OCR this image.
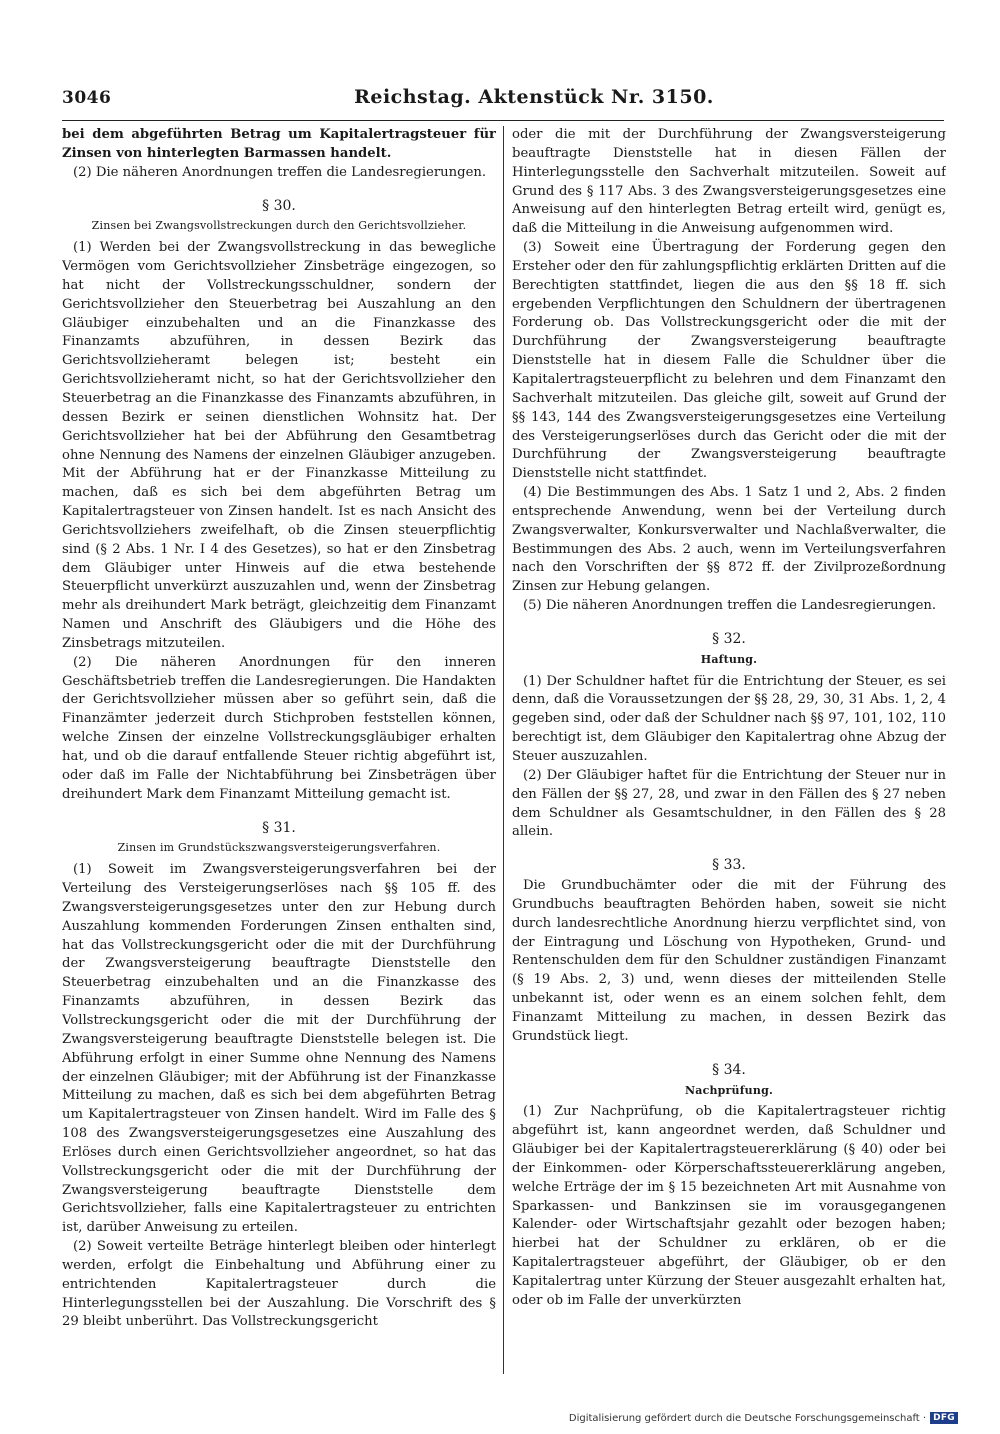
3046	Reichstag. Aktenstück Nr. 3150.

bei dem abgeführten Betrag um Kapitalertragsteuer für Zinsen von hinterlegten Barmassen handelt.

(2) Die näheren Anordnungen treffen die Landesregierungen.

§ 30.

Zinsen bei Zwangsvollstreckungen durch den Gerichtsvollzieher.

(1) Werden bei der Zwangsvollstreckung in das bewegliche Vermögen vom Gerichtsvollzieher Zinsbeträge eingezogen, so hat nicht der Vollstreckungsschuldner, sondern der Gerichtsvollzieher den Steuerbetrag bei Auszahlung an den Gläubiger einzubehalten und an die Finanzkasse des Finanzamts abzuführen, in dessen Bezirk das Gerichtsvollzieheramt belegen ist; besteht ein Gerichtsvollzieheramt nicht, so hat der Gerichtsvollzieher den Steuerbetrag an die Finanzkasse des Finanzamts abzuführen, in dessen Bezirk er seinen dienstlichen Wohnsitz hat. Der Gerichtsvollzieher hat bei der Abführung den Gesamtbetrag ohne Nennung des Namens der einzelnen Gläubiger anzugeben. Mit der Abführung hat er der Finanzkasse Mitteilung zu machen, daß es sich bei dem abgeführten Betrag um Kapitalertragsteuer von Zinsen handelt. Ist es nach Ansicht des Gerichtsvollziehers zweifelhaft, ob die Zinsen steuerpflichtig sind (§ 2 Abs. 1 Nr. I 4 des Gesetzes), so hat er den Zinsbetrag dem Gläubiger unter Hinweis auf die etwa bestehende Steuerpflicht unverkürzt auszuzahlen und, wenn der Zinsbetrag mehr als dreihundert Mark beträgt, gleichzeitig dem Finanzamt Namen und Anschrift des Gläubigers und die Höhe des Zinsbetrags mitzuteilen.

(2) Die näheren Anordnungen für den inneren Geschäftsbetrieb treffen die Landesregierungen. Die Handakten der Gerichtsvollzieher müssen aber so geführt sein, daß die Finanzämter jederzeit durch Stichproben feststellen können, welche Zinsen der einzelne Vollstreckungsgläubiger erhalten hat, und ob die darauf entfallende Steuer richtig abgeführt ist, oder daß im Falle der Nichtabführung bei Zinsbeträgen über dreihundert Mark dem Finanzamt Mitteilung gemacht ist.

§ 31.

Zinsen im Grundstückszwangsversteigerungsverfahren.

(1) Soweit im Zwangsversteigerungsverfahren bei der Verteilung des Versteigerungserlöses nach §§ 105 ff. des Zwangsversteigerungsgesetzes unter den zur Hebung durch Auszahlung kommenden Forderungen Zinsen enthalten sind, hat das Vollstreckungsgericht oder die mit der Durchführung der Zwangsversteigerung beauftragte Dienststelle den Steuerbetrag einzubehalten und an die Finanzkasse des Finanzamts abzuführen, in dessen Bezirk das Vollstreckungsgericht oder die mit der Durchführung der Zwangsversteigerung beauftragte Dienststelle belegen ist. Die Abführung erfolgt in einer Summe ohne Nennung des Namens der einzelnen Gläubiger; mit der Abführung ist der Finanzkasse Mitteilung zu machen, daß es sich bei dem abgeführten Betrag um Kapitalertragsteuer von Zinsen handelt. Wird im Falle des § 108 des Zwangsversteigerungsgesetzes eine Auszahlung des Erlöses durch einen Gerichtsvollzieher angeordnet, so hat das Vollstreckungsgericht oder die mit der Durchführung der Zwangsversteigerung beauftragte Dienststelle dem Gerichtsvollzieher, falls eine Kapitalertragsteuer zu entrichten ist, darüber Anweisung zu erteilen.

(2) Soweit verteilte Beträge hinterlegt bleiben oder hinterlegt werden, erfolgt die Einbehaltung und Abführung einer zu entrichtenden Kapitalertragsteuer durch die Hinterlegungsstellen bei der Auszahlung. Die Vorschrift des § 29 bleibt unberührt. Das Vollstreckungsgericht

oder die mit der Durchführung der Zwangsversteigerung beauftragte Dienststelle hat in diesen Fällen der Hinterlegungsstelle den Sachverhalt mitzuteilen. Soweit auf Grund des § 117 Abs. 3 des Zwangsversteigerungsgesetzes eine Anweisung auf den hinterlegten Betrag erteilt wird, genügt es, daß die Mitteilung in die Anweisung aufgenommen wird.

(3) Soweit eine Übertragung der Forderung gegen den Ersteher oder den für zahlungspflichtig erklärten Dritten auf die Berechtigten stattfindet, liegen die aus den §§ 18 ff. sich ergebenden Verpflichtungen den Schuldnern der übertragenen Forderung ob. Das Vollstreckungsgericht oder die mit der Durchführung der Zwangsversteigerung beauftragte Dienststelle hat in diesem Falle die Schuldner über die Kapitalertragsteuerpflicht zu belehren und dem Finanzamt den Sachverhalt mitzuteilen. Das gleiche gilt, soweit auf Grund der §§ 143, 144 des Zwangsversteigerungsgesetzes eine Verteilung des Versteigerungserlöses durch das Gericht oder die mit der Durchführung der Zwangsversteigerung beauftragte Dienststelle nicht stattfindet.

(4) Die Bestimmungen des Abs. 1 Satz 1 und 2, Abs. 2 finden entsprechende Anwendung, wenn bei der Verteilung durch Zwangsverwalter, Konkursverwalter und Nachlaßverwalter, die Bestimmungen des Abs. 2 auch, wenn im Verteilungsverfahren nach den Vorschriften der §§ 872 ff. der Zivilprozeßordnung Zinsen zur Hebung gelangen.

(5) Die näheren Anordnungen treffen die Landesregierungen.

§ 32.

Haftung.

(1) Der Schuldner haftet für die Entrichtung der Steuer, es sei denn, daß die Voraussetzungen der §§ 28, 29, 30, 31 Abs. 1, 2, 4 gegeben sind, oder daß der Schuldner nach §§ 97, 101, 102, 110 berechtigt ist, dem Gläubiger den Kapitalertrag ohne Abzug der Steuer auszuzahlen.

(2) Der Gläubiger haftet für die Entrichtung der Steuer nur in den Fällen der §§ 27, 28, und zwar in den Fällen des § 27 neben dem Schuldner als Gesamtschuldner, in den Fällen des § 28 allein.

§ 33.

Die Grundbuchämter oder die mit der Führung des Grundbuchs beauftragten Behörden haben, soweit sie nicht durch landesrechtliche Anordnung hierzu verpflichtet sind, von der Eintragung und Löschung von Hypotheken, Grund- und Rentenschulden dem für den Schuldner zuständigen Finanzamt (§ 19 Abs. 2, 3) und, wenn dieses der mitteilenden Stelle unbekannt ist, oder wenn es an einem solchen fehlt, dem Finanzamt Mitteilung zu machen, in dessen Bezirk das Grundstück liegt.

§ 34.

Nachprüfung.

(1) Zur Nachprüfung, ob die Kapitalertragsteuer richtig abgeführt ist, kann angeordnet werden, daß Schuldner und Gläubiger bei der Kapitalertragsteuererklärung (§ 40) oder bei der Einkommen- oder Körperschaftssteuererklärung angeben, welche Erträge der im § 15 bezeichneten Art mit Ausnahme von Sparkassen- und Bankzinsen sie im vorausgegangenen Kalender- oder Wirtschaftsjahr gezahlt oder bezogen haben; hierbei hat der Schuldner zu erklären, ob er die Kapitalertragsteuer abgeführt, der Gläubiger, ob er den Kapitalertrag unter Kürzung der Steuer ausgezahlt erhalten hat, oder ob im Falle der unverkürzten

Digitalisierung gefördert durch die Deutsche Forschungsgemeinschaft · DFG
